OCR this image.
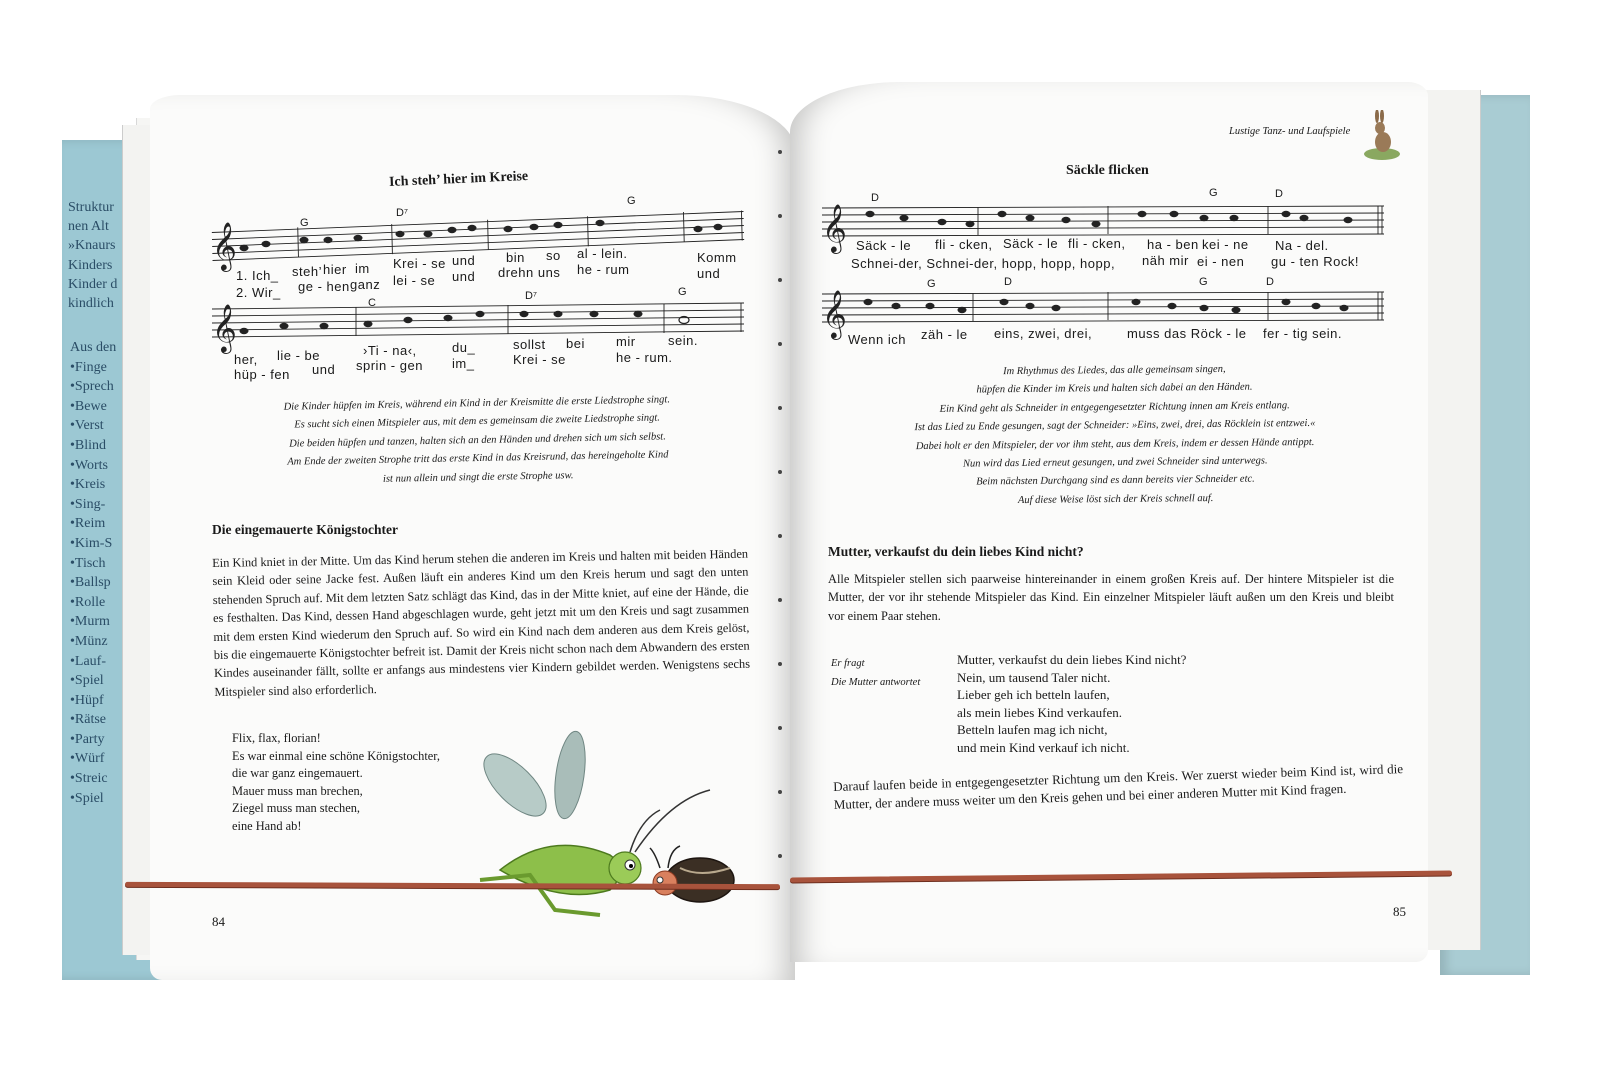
Struktur
nen Alt
»Knaurs
Kinders
Kinder d
kindlich
Aus den
•Finge
•Sprech
•Bewe
•Verst
•Blind
•Worts
•Kreis
•Sing-
•Reim
•Kim-S
•Tisch
•Ballsp
•Rolle
•Murm
•Münz
•Lauf-
•Spiel
•Hüpf
•Rätse
•Party
•Würf
•Streic
•Spiel
Ich steh’ hier im Kreise
𝄞
𝄞
G
D⁷
G
1. Ich_ steh’ hier im Krei - se und bin so al - lein.	Komm
2. Wir_ ge - hen ganz lei - se und drehn uns he - rum	und
C
D⁷	G
her, lie - be	›Ti - na‹,	du_	sollst bei mir sein.
hüp - fen und sprin - gen im_	Krei - se	he - rum.
Die Kinder hüpfen im Kreis, während ein Kind in der Kreismitte die erste Liedstrophe singt.
Es sucht sich einen Mitspieler aus, mit dem es gemeinsam die zweite Liedstrophe singt.
Die beiden hüpfen und tanzen, halten sich an den Händen und drehen sich um sich selbst.
Am Ende der zweiten Strophe tritt das erste Kind in das Kreisrund, das hereingeholte Kind
ist nun allein und singt die erste Strophe usw.
Die eingemauerte Königstochter
Ein Kind kniet in der Mitte. Um das Kind herum stehen die anderen im Kreis und halten mit beiden Händen sein Kleid oder seine Jacke fest. Außen läuft ein anderes Kind um den Kreis herum und sagt den unten stehenden Spruch auf. Mit dem letzten Satz schlägt das Kind, das in der Mitte kniet, auf eine der Hände, die es festhalten. Das Kind, dessen Hand abgeschlagen wurde, geht jetzt mit um den Kreis und sagt zusammen mit dem ersten Kind wiederum den Spruch auf. So wird ein Kind nach dem anderen aus dem Kreis gelöst, bis die eingemauerte Königstochter befreit ist. Damit der Kreis nicht schon nach dem Abwandern des ersten Kindes auseinander fällt, sollte er anfangs aus mindestens vier Kindern gebildet werden. Wenigstens sechs Mitspieler sind also erforderlich.
Flix, flax, florian!
Es war einmal eine schöne Königstochter,
die war ganz eingemauert.
Mauer muss man brechen,
Ziegel muss man stechen,
eine Hand ab!
84
Lustige Tanz- und Laufspiele
Säckle flicken
𝄞
𝄞
D	G	D
Säck - le fli - cken, Säck - le fli - cken, ha - ben kei - ne Na - del.
Schnei-der, Schnei-der, hopp, hopp, hopp, näh mir ei - nen gu - ten Rock!
G	D	G	D
Wenn ich zäh - le eins, zwei, drei,	muss das Röck - le fer - tig sein.
Im Rhythmus des Liedes, das alle gemeinsam singen,
hüpfen die Kinder im Kreis und halten sich dabei an den Händen.
Ein Kind geht als Schneider in entgegengesetzter Richtung innen am Kreis entlang.
Ist das Lied zu Ende gesungen, sagt der Schneider: »Eins, zwei, drei, das Röcklein ist entzwei.«
Dabei holt er den Mitspieler, der vor ihm steht, aus dem Kreis, indem er dessen Hände antippt.
Nun wird das Lied erneut gesungen, und zwei Schneider sind unterwegs.
Beim nächsten Durchgang sind es dann bereits vier Schneider etc.
Auf diese Weise löst sich der Kreis schnell auf.
Mutter, verkaufst du dein liebes Kind nicht?
Alle Mitspieler stellen sich paarweise hintereinander in einem großen Kreis auf. Der hintere Mitspieler ist die Mutter, der vor ihr stehende Mitspieler das Kind. Ein einzelner Mitspieler läuft außen um den Kreis und bleibt vor einem Paar stehen.
Er fragt
Die Mutter antwortet
Mutter, verkaufst du dein liebes Kind nicht?
Nein, um tausend Taler nicht.
Lieber geh ich betteln laufen,
als mein liebes Kind verkaufen.
Betteln laufen mag ich nicht,
und mein Kind verkauf ich nicht.
Darauf laufen beide in entgegengesetzter Richtung um den Kreis. Wer zuerst wieder beim Kind ist, wird die Mutter, der andere muss weiter um den Kreis gehen und bei einer anderen Mutter mit Kind fragen.
85
